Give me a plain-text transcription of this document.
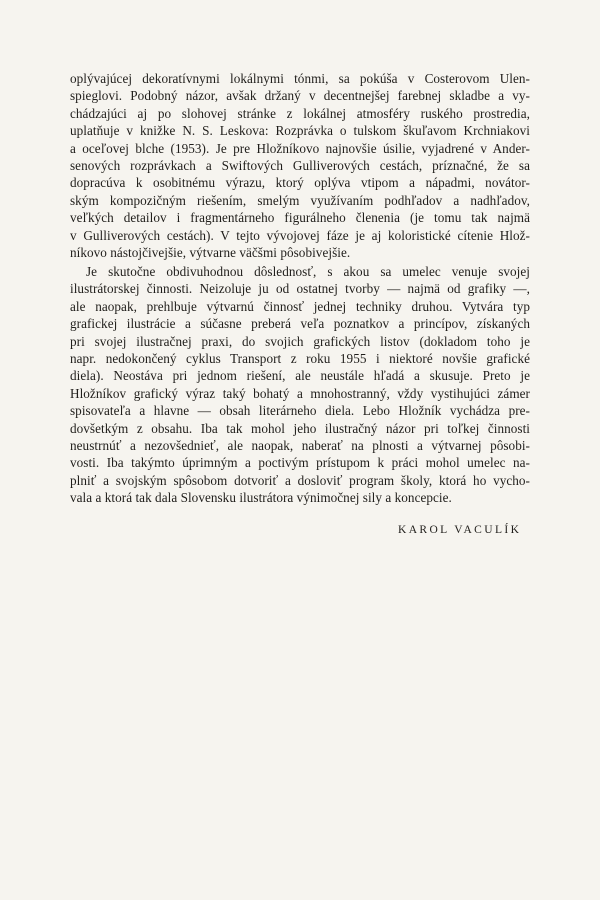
oplývajúcej dekoratívnymi lokálnymi tónmi, sa pokúša v Costerovom Ulen-
spieglovi. Podobný názor, avšak držaný v decentnejšej farebnej skladbe a vy-
chádzajúci aj po slohovej stránke z lokálnej atmosféry ruského prostredia,
uplatňuje v knižke N. S. Leskova: Rozprávka o tulskom škuľavom Krchniakovi
a oceľovej blche (1953). Je pre Hložníkovo najnovšie úsilie, vyjadrené v Ander-
senových rozprávkach a Swiftových Gulliverových cestách, príznačné, že sa
dopracúva k osobitnému výrazu, ktorý oplýva vtipom a nápadmi, novátor-
ským kompozičným riešením, smelým využívaním podhľadov a nadhľadov,
veľkých detailov i fragmentárneho figurálneho členenia (je tomu tak najmä
v Gulliverových cestách). V tejto vývojovej fáze je aj koloristické cítenie Hlož-
níkovo nástojčivejšie, výtvarne väčšmi pôsobivejšie.
Je skutočne obdivuhodnou dôslednosť, s akou sa umelec venuje svojej
ilustrátorskej činnosti. Neizoluje ju od ostatnej tvorby — najmä od grafiky —,
ale naopak, prehlbuje výtvarnú činnosť jednej techniky druhou. Vytvára typ
grafickej ilustrácie a súčasne preberá veľa poznatkov a princípov, získaných
pri svojej ilustračnej praxi, do svojich grafických listov (dokladom toho je
napr. nedokončený cyklus Transport z roku 1955 i niektoré novšie grafické
diela). Neostáva pri jednom riešení, ale neustále hľadá a skusuje. Preto je
Hložníkov grafický výraz taký bohatý a mnohostranný, vždy vystihujúci zámer
spisovateľa a hlavne — obsah literárneho diela. Lebo Hložník vychádza pre-
dovšetkým z obsahu. Iba tak mohol jeho ilustračný názor pri toľkej činnosti
neustrnúť a nezovšednieť, ale naopak, naberať na plnosti a výtvarnej pôsobi-
vosti. Iba takýmto úprimným a poctivým prístupom k práci mohol umelec na-
plniť a svojským spôsobom dotvoriť a dosloviť program školy, ktorá ho vycho-
vala a ktorá tak dala Slovensku ilustrátora výnimočnej sily a koncepcie.
KAROL VACULÍK
